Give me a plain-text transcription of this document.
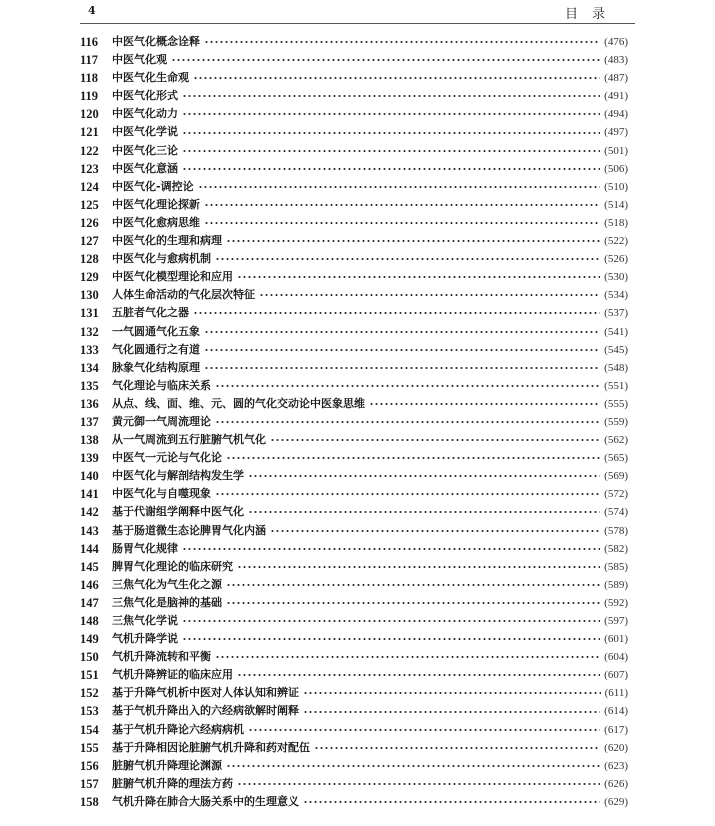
4	目录
116	中医气化概念诠释	(476)
117	中医气化观	(483)
118	中医气化生命观	(487)
119	中医气化形式	(491)
120	中医气化动力	(494)
121	中医气化学说	(497)
122	中医气化三论	(501)
123	中医气化意涵	(506)
124	中医气化-调控论	(510)
125	中医气化理论探新	(514)
126	中医气化愈病思维	(518)
127	中医气化的生理和病理	(522)
128	中医气化与愈病机制	(526)
129	中医气化模型理论和应用	(530)
130	人体生命活动的气化层次特征	(534)
131	五脏者气化之器	(537)
132	一气圆通气化五象	(541)
133	气化圆通行之有道	(545)
134	脉象气化结构原理	(548)
135	气化理论与临床关系	(551)
136	从点、线、面、维、元、圆的气化交动论中医象思维	(555)
137	黄元御一气周流理论	(559)
138	从一气周流到五行脏腑气机气化	(562)
139	中医气一元论与气化论	(565)
140	中医气化与解剖结构发生学	(569)
141	中医气化与自噬现象	(572)
142	基于代谢组学阐释中医气化	(574)
143	基于肠道微生态论脾胃气化内涵	(578)
144	肠胃气化规律	(582)
145	脾胃气化理论的临床研究	(585)
146	三焦气化为气生化之源	(589)
147	三焦气化是脑神的基础	(592)
148	三焦气化学说	(597)
149	气机升降学说	(601)
150	气机升降流转和平衡	(604)
151	气机升降辨证的临床应用	(607)
152	基于升降气机析中医对人体认知和辨证	(611)
153	基于气机升降出入的六经病欲解时阐释	(614)
154	基于气机升降论六经病病机	(617)
155	基于升降相因论脏腑气机升降和药对配伍	(620)
156	脏腑气机升降理论渊源	(623)
157	脏腑气机升降的理法方药	(626)
158	气机升降在肺合大肠关系中的生理意义	(629)
